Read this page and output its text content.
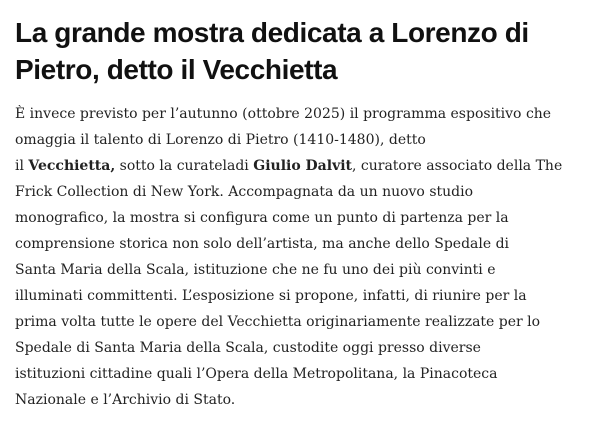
La grande mostra dedicata a Lorenzo di
Pietro, detto il Vecchietta

È invece previsto per l’autunno (ottobre 2025) il programma espositivo che
omaggia il talento di Lorenzo di Pietro (1410-1480), detto
il Vecchietta, sotto la curateladi Giulio Dalvit, curatore associato della The
Frick Collection di New York. Accompagnata da un nuovo studio
monografico, la mostra si configura come un punto di partenza per la
comprensione storica non solo dell’artista, ma anche dello Spedale di
Santa Maria della Scala, istituzione che ne fu uno dei più convinti e
illuminati committenti. L’esposizione si propone, infatti, di riunire per la
prima volta tutte le opere del Vecchietta originariamente realizzate per lo
Spedale di Santa Maria della Scala, custodite oggi presso diverse
istituzioni cittadine quali l’Opera della Metropolitana, la Pinacoteca
Nazionale e l’Archivio di Stato.
